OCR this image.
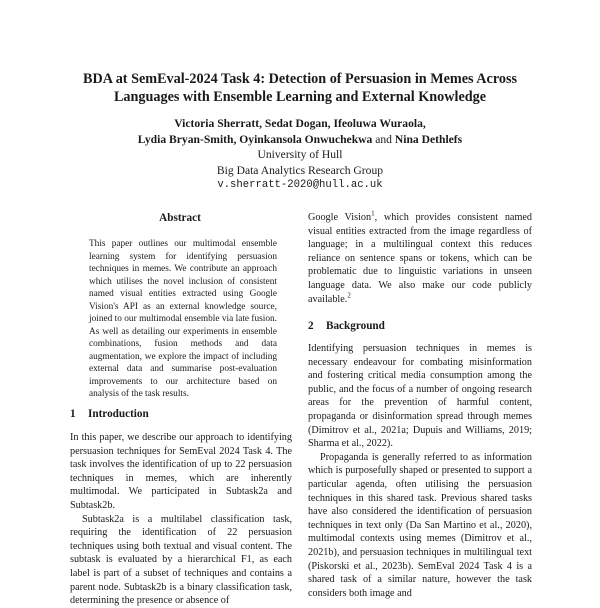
BDA at SemEval-2024 Task 4: Detection of Persuasion in Memes Across
Languages with Ensemble Learning and External Knowledge
Victoria Sherratt, Sedat Dogan, Ifeoluwa Wuraola,
Lydia Bryan-Smith, Oyinkansola Onwuchekwa and Nina Dethlefs
University of Hull
Big Data Analytics Research Group
v.sherratt-2020@hull.ac.uk
Abstract
This paper outlines our multimodal ensemble learning system for identifying persuasion techniques in memes. We contribute an approach which utilises the novel inclusion of consistent named visual entities extracted using Google Vision's API as an external knowledge source, joined to our multimodal ensemble via late fusion. As well as detailing our experiments in ensemble combinations, fusion methods and data augmentation, we explore the impact of including external data and summarise post-evaluation improvements to our architecture based on analysis of the task results.
1 Introduction

In this paper, we describe our approach to identifying persuasion techniques for SemEval 2024 Task 4. The task involves the identification of up to 22 persuasion techniques in memes, which are inherently multimodal. We participated in Subtask2a and Subtask2b.

Subtask2a is a multilabel classification task, requiring the identification of 22 persuasion techniques using both textual and visual content. The subtask is evaluated by a hierarchical F1, as each label is part of a subset of techniques and contains a parent node. Subtask2b is a binary classification task, determining the presence or absence of

Google Vision$^1$, which provides consistent named visual entities extracted from the image regardless of language; in a multilingual context this reduces reliance on sentence spans or tokens, which can be problematic due to linguistic variations in unseen language data. We also make our code publicly available.$^2$

2 Background

Identifying persuasion techniques in memes is necessary endeavour for combating misinformation and fostering critical media consumption among the public, and the focus of a number of ongoing research areas for the prevention of harmful content, propaganda or disinformation spread through memes (Dimitrov et al., 2021a; Dupuis and Williams, 2019; Sharma et al., 2022).

Propaganda is generally referred to as information which is purposefully shaped or presented to support a particular agenda, often utilising the persuasion techniques in this shared task. Previous shared tasks have also considered the identification of persuasion techniques in text only (Da San Martino et al., 2020), multimodal contexts using memes (Dimitrov et al., 2021b), and persuasion techniques in multilingual text (Piskorski et al., 2023b). SemEval 2024 Task 4 is a shared task of a similar nature, however the task considers both image and
